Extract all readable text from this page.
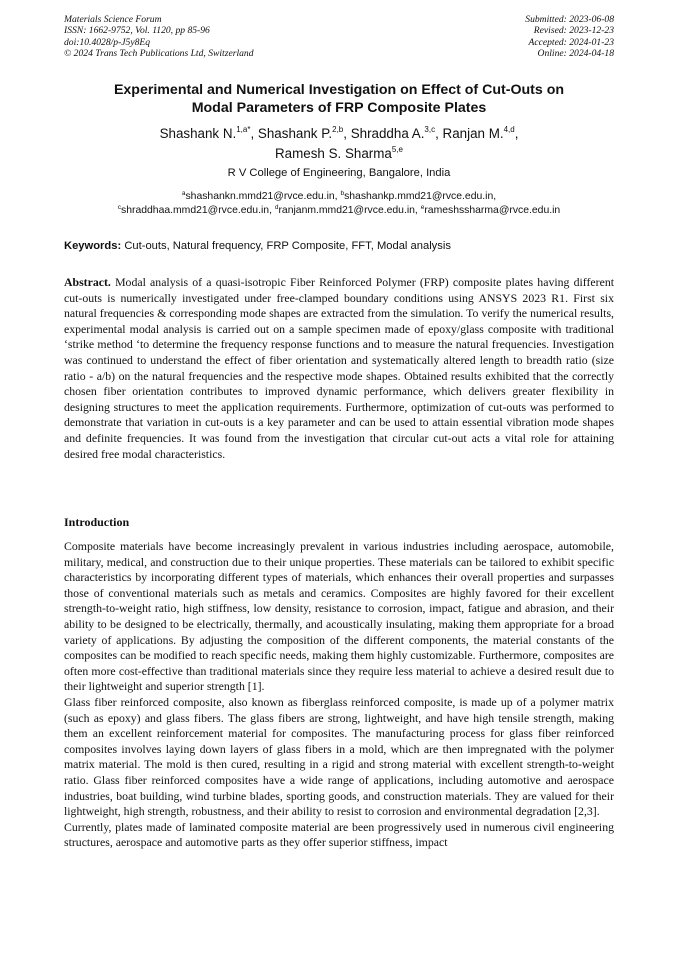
Materials Science Forum
ISSN: 1662-9752, Vol. 1120, pp 85-96
doi:10.4028/p-J5y8Eq
© 2024 Trans Tech Publications Ltd, Switzerland
Submitted: 2023-06-08
Revised: 2023-12-23
Accepted: 2024-01-23
Online: 2024-04-18
Experimental and Numerical Investigation on Effect of Cut-Outs on
Modal Parameters of FRP Composite Plates
Shashank N.$^{1,a*}$, Shashank P.$^{2,b}$, Shraddha A.$^{3,c}$, Ranjan M.$^{4,d}$,
Ramesh S. Sharma$^{5,e}$
R V College of Engineering, Bangalore, India
$^a$shashankn.mmd21@rvce.edu.in, $^b$shashankp.mmd21@rvce.edu.in,
$^c$shraddhaa.mmd21@rvce.edu.in, $^d$ranjanm.mmd21@rvce.edu.in, $^e$rameshssharma@rvce.edu.in
Keywords: Cut-outs, Natural frequency, FRP Composite, FFT, Modal analysis

Abstract. Modal analysis of a quasi-isotropic Fiber Reinforced Polymer (FRP) composite plates having different cut-outs is numerically investigated under free-clamped boundary conditions using ANSYS 2023 R1. First six natural frequencies & corresponding mode shapes are extracted from the simulation. To verify the numerical results, experimental modal analysis is carried out on a sample specimen made of epoxy/glass composite with traditional ‘strike method ‘to determine the frequency response functions and to measure the natural frequencies. Investigation was continued to understand the effect of fiber orientation and systematically altered length to breadth ratio (size ratio - a/b) on the natural frequencies and the respective mode shapes. Obtained results exhibited that the correctly chosen fiber orientation contributes to improved dynamic performance, which delivers greater flexibility in designing structures to meet the application requirements. Furthermore, optimization of cut-outs was performed to demonstrate that variation in cut-outs is a key parameter and can be used to attain essential vibration mode shapes and definite frequencies. It was found from the investigation that circular cut-out acts a vital role for attaining desired free modal characteristics.

Introduction

Composite materials have become increasingly prevalent in various industries including aerospace, automobile, military, medical, and construction due to their unique properties. These materials can be tailored to exhibit specific characteristics by incorporating different types of materials, which enhances their overall properties and surpasses those of conventional materials such as metals and ceramics. Composites are highly favored for their excellent strength-to-weight ratio, high stiffness, low density, resistance to corrosion, impact, fatigue and abrasion, and their ability to be designed to be electrically, thermally, and acoustically insulating, making them appropriate for a broad variety of applications. By adjusting the composition of the different components, the material constants of the composites can be modified to reach specific needs, making them highly customizable. Furthermore, composites are often more cost-effective than traditional materials since they require less material to achieve a desired result due to their lightweight and superior strength [1].

Glass fiber reinforced composite, also known as fiberglass reinforced composite, is made up of a polymer matrix (such as epoxy) and glass fibers. The glass fibers are strong, lightweight, and have high tensile strength, making them an excellent reinforcement material for composites. The manufacturing process for glass fiber reinforced composites involves laying down layers of glass fibers in a mold, which are then impregnated with the polymer matrix material. The mold is then cured, resulting in a rigid and strong material with excellent strength-to-weight ratio. Glass fiber reinforced composites have a wide range of applications, including automotive and aerospace industries, boat building, wind turbine blades, sporting goods, and construction materials. They are valued for their lightweight, high strength, robustness, and their ability to resist to corrosion and environmental degradation [2,3].

Currently, plates made of laminated composite material are been progressively used in numerous civil engineering structures, aerospace and automotive parts as they offer superior stiffness, impact
